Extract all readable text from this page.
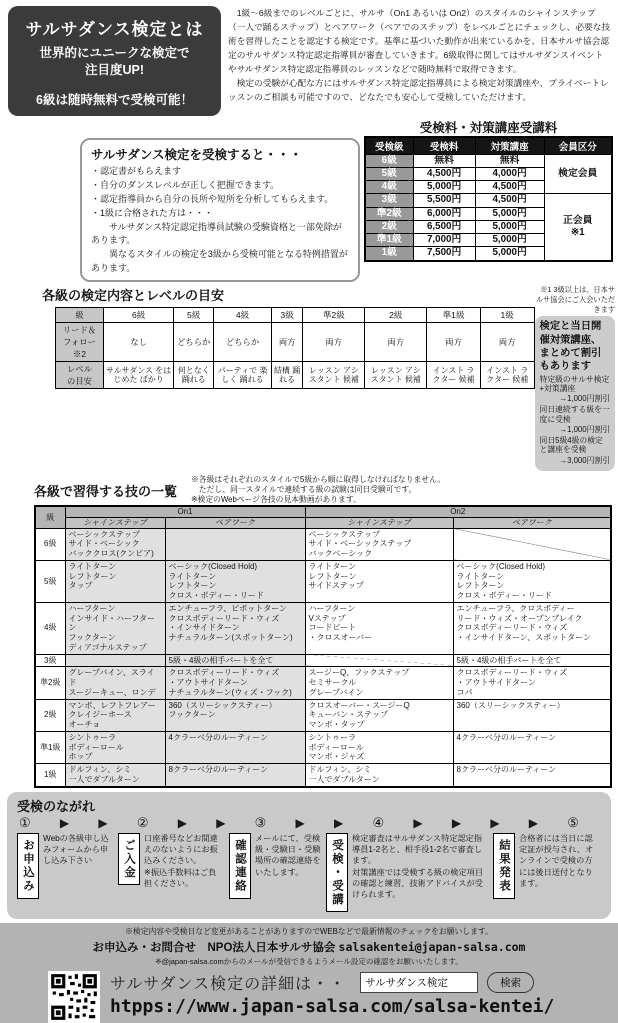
サルサダンス検定とは
世界的にユニークな検定で
注目度UP!
6級は随時無料で受検可能！

1級～6級までのレベルごとに、サルサ（On1 あるいは On2）のスタイルのシャインステップ（一人で踊るステップ）とペアワーク（ペアでのステップ）をレベルごとにチェックし、必要な技術を習得したことを認定する検定です。基準に基づいた動作が出来ているかを、日本サルサ協会認定のサルサダンス特定認定指導員が審査していきます。6級取得に関してはサルサダンスイベントやサルサダンス特定認定指導員のレッスンなどで随時無料で取得できます。

検定の受験が心配な方にはサルサダンス特定認定指導員による検定対策講座や、プライベートレッスンのご相談も可能ですので、どなたでも安心して受検していただけます。

サルサダンス検定を受検すると・・・
・認定書がもらえます
・自分のダンスレベルが正しく把握できます。
・認定指導員から自分の長所や短所を分析してもらえます。
・1級に合格された方は・・・
　　サルサダンス特定認定指導員試験の受験資格と一部免除があります。
　　異なるスタイルの検定を3級から受検可能となる特例措置があります。
受検料・対策講座受講料
受検級	受検料	対策講座	会員区分
6級	無料	無料	検定会員
5級	4,500円	4,000円	
4級	5,000円	4,500円	
3級	5,500円	4,500円	正会員
※1
準2級	6,000円	5,000円	
2級	6,500円	5,000円	
準1級	7,000円	5,000円	
1級	7,500円	5,000円	
各級の検定内容とレベルの目安
級	6級	5級	4級	3級	準2級	2級	準1級	1級
リード＆
フォロー※2	なし	どちらか	どちらか	両方	両方	両方	両方	両方
レベル
の目安	サルサダンス をはじめた ばかり	何となく 踊れる	パーティで 楽しく 踊れる	結構 踊れる	レッスン アシスタント 候補	レッスン アシスタント 候補	インスト ラクター 候補	インスト ラクター 候補
※1 3級以上は、日本サルサ協会にご入会いただきます
検定と当日開催対策講座、
まとめて割引もあります
特定級のサルサ検定+対策講座
→1,000円割引
同日連続する級を一度に受検
→1,000円割引
同日5級4級の検定と講座を受検
→3,000円割引
各級で習得する技の一覧
※各級はそれぞれのスタイルで5級から順に取得しなければなりません。
　ただし、同一スタイルで連続する級の試験は同日受験可です。
※検定のWebページ各技の見本動画があります。
級	On1		On2	
	シャインステップ	ペアワーク	シャインステップ	ペアワーク
6級	ベーシックステップ
サイド・ベーシック
バッククロス(クンビア)		ベーシックステップ
サイド・ベーシックステップ
バックベーシック	
5級	ライトターン
レフトターン
タップ	ベーシック(Closed Hold)
ライトターン
レフトターン
クロス・ボディー・リード	ライトターン
レフトターン
サイドステップ	ベーシック(Closed Hold)
ライトターン
レフトターン
クロス・ボディー・リード
4級	ハーフターン
インサイド・ハーフターン
フックターン
ディアゴナルステップ	エンチューフラ、ピボットターン
クロスボディーリード・ウィズ
・インサイドターン
ナチュラルターン(スポットターン)	ハーフターン
Vステップ
コードビート
・クロスオーバー	エンチューフラ、クロスボディー
リード・ウィズ・オープンブレイク
クロスボディーリード・ウィズ
・インサイドターン、スポットターン
3級		5級・4級の相手パートを全て		5級・4級の相手パートを全て
準2級	グレープバイン、スライド
スージーキュー、ロンデ	クロスボディーリード・ウィズ
・アウトサイドターン
ナチュラルターン(ウィズ・フック)	スージーQ、フックステップ
セミサークル
グレープバイン	クロスボディーリード・ウィズ
・アウトサイドターン
コパ
2級	マンボ、レフトフレアー
クレイジーホース
オーチョ	360（スリーシックスティー）
フックターン	クロスオーバー・スージーQ
キューバン・ステップ
マンボ・タップ	360（スリーシックスティー）
準1級	シントゥーラ
ボディーロール
ホップ	4クラーベ分のルーティーン	シントゥーラ
ボディーロール
マンボ・ジャズ	4クラーベ分のルーティーン
1級	ドルフィン、シミ
一人でダブルターン	8クラーベ分のルーティーン	ドルフィン、シミ
一人でダブルターン	8クラーベ分のルーティーン
受検のながれ
① ▶ ▶ ② ▶ ▶ ③ ▶ ▶ ④ ▶ ▶ ▶ ▶ ⑤
お申込み
Webの各級申し込みフォームから申し込み下さい	ご入金
口座番号などお間違えのないようにお振込みください。
※振込手数料はご負担ください。	確認連絡
メールにて、受検級・受験日・受験場所の確認連絡をいたします。	受検・受講
検定審査はサルサダンス特定認定指導員1-2名と、相手役1-2名で審査します。
対策講座では受検する級の検定項目の確認と練習、技術アドバイスが受けられます。
結果発表
合格者には当日に認定証が授与され、オンラインで受検の方には後日送付となります。
※検定内容や受検日など変更があることがありますのでWEBなどで最新情報のチェックをお願いします。
お申込み・お問合せ　NPO法人日本サルサ協会 salsakentei@japan-salsa.com
※@japan-salsa.comからのメールが受信できるようメール設定の確認をお願いいたします。
サルサダンス検定の詳細は・・
サルサダンス検定	検索
htpps://www.japan-salsa.com/salsa-kentei/
